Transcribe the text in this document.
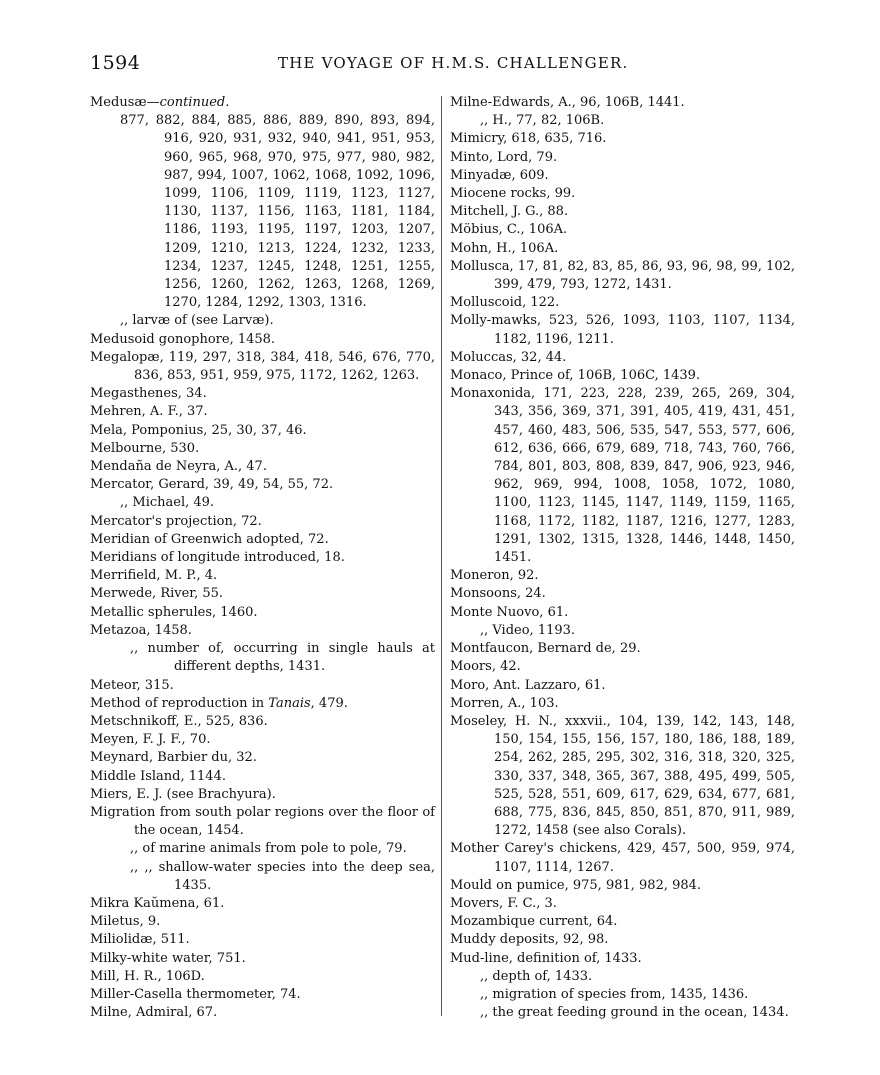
1594	THE VOYAGE OF H.M.S. CHALLENGER.
Medusæ—continued.
877, 882, 884, 885, 886, 889, 890, 893, 894, 916, 920, 931, 932, 940, 941, 951, 953, 960, 965, 968, 970, 975, 977, 980, 982, 987, 994, 1007, 1062, 1068, 1092, 1096, 1099, 1106, 1109, 1119, 1123, 1127, 1130, 1137, 1156, 1163, 1181, 1184, 1186, 1193, 1195, 1197, 1203, 1207, 1209, 1210, 1213, 1224, 1232, 1233, 1234, 1237, 1245, 1248, 1251, 1255, 1256, 1260, 1262, 1263, 1268, 1269, 1270, 1284, 1292, 1303, 1316.
,, larvæ of (see Larvæ).
Medusoid gonophore, 1458.
Megalopæ, 119, 297, 318, 384, 418, 546, 676, 770, 836, 853, 951, 959, 975, 1172, 1262, 1263.
Megasthenes, 34.
Mehren, A. F., 37.
Mela, Pomponius, 25, 30, 37, 46.
Melbourne, 530.
Mendaña de Neyra, A., 47.
Mercator, Gerard, 39, 49, 54, 55, 72.
,, Michael, 49.
Mercator's projection, 72.
Meridian of Greenwich adopted, 72.
Meridians of longitude introduced, 18.
Merrifield, M. P., 4.
Merwede, River, 55.
Metallic spherules, 1460.
Metazoa, 1458.
,, number of, occurring in single hauls at different depths, 1431.
Meteor, 315.
Method of reproduction in Tanais, 479.
Metschnikoff, E., 525, 836.
Meyen, F. J. F., 70.
Meynard, Barbier du, 32.
Middle Island, 1144.
Miers, E. J. (see Brachyura).
Migration from south polar regions over the floor of the ocean, 1454.
,, of marine animals from pole to pole, 79.
,, ,, shallow-water species into the deep sea, 1435.
Mikra Kaŭmena, 61.
Miletus, 9.
Miliolidæ, 511.
Milky-white water, 751.
Mill, H. R., 106D.
Miller-Casella thermometer, 74.
Milne, Admiral, 67.
Milne-Edwards, A., 96, 106B, 1441.
,, H., 77, 82, 106B.
Mimicry, 618, 635, 716.
Minto, Lord, 79.
Minyadæ, 609.
Miocene rocks, 99.
Mitchell, J. G., 88.
Möbius, C., 106A.
Mohn, H., 106A.
Mollusca, 17, 81, 82, 83, 85, 86, 93, 96, 98, 99, 102, 399, 479, 793, 1272, 1431.
Molluscoid, 122.
Molly-mawks, 523, 526, 1093, 1103, 1107, 1134, 1182, 1196, 1211.
Moluccas, 32, 44.
Monaco, Prince of, 106B, 106C, 1439.
Monaxonida, 171, 223, 228, 239, 265, 269, 304, 343, 356, 369, 371, 391, 405, 419, 431, 451, 457, 460, 483, 506, 535, 547, 553, 577, 606, 612, 636, 666, 679, 689, 718, 743, 760, 766, 784, 801, 803, 808, 839, 847, 906, 923, 946, 962, 969, 994, 1008, 1058, 1072, 1080, 1100, 1123, 1145, 1147, 1149, 1159, 1165, 1168, 1172, 1182, 1187, 1216, 1277, 1283, 1291, 1302, 1315, 1328, 1446, 1448, 1450, 1451.
Moneron, 92.
Monsoons, 24.
Monte Nuovo, 61.
,, Video, 1193.
Montfaucon, Bernard de, 29.
Moors, 42.
Moro, Ant. Lazzaro, 61.
Morren, A., 103.
Moseley, H. N., xxxvii., 104, 139, 142, 143, 148, 150, 154, 155, 156, 157, 180, 186, 188, 189, 254, 262, 285, 295, 302, 316, 318, 320, 325, 330, 337, 348, 365, 367, 388, 495, 499, 505, 525, 528, 551, 609, 617, 629, 634, 677, 681, 688, 775, 836, 845, 850, 851, 870, 911, 989, 1272, 1458 (see also Corals).
Mother Carey's chickens, 429, 457, 500, 959, 974, 1107, 1114, 1267.
Mould on pumice, 975, 981, 982, 984.
Movers, F. C., 3.
Mozambique current, 64.
Muddy deposits, 92, 98.
Mud-line, definition of, 1433.
,, depth of, 1433.
,, migration of species from, 1435, 1436.
,, the great feeding ground in the ocean, 1434.
